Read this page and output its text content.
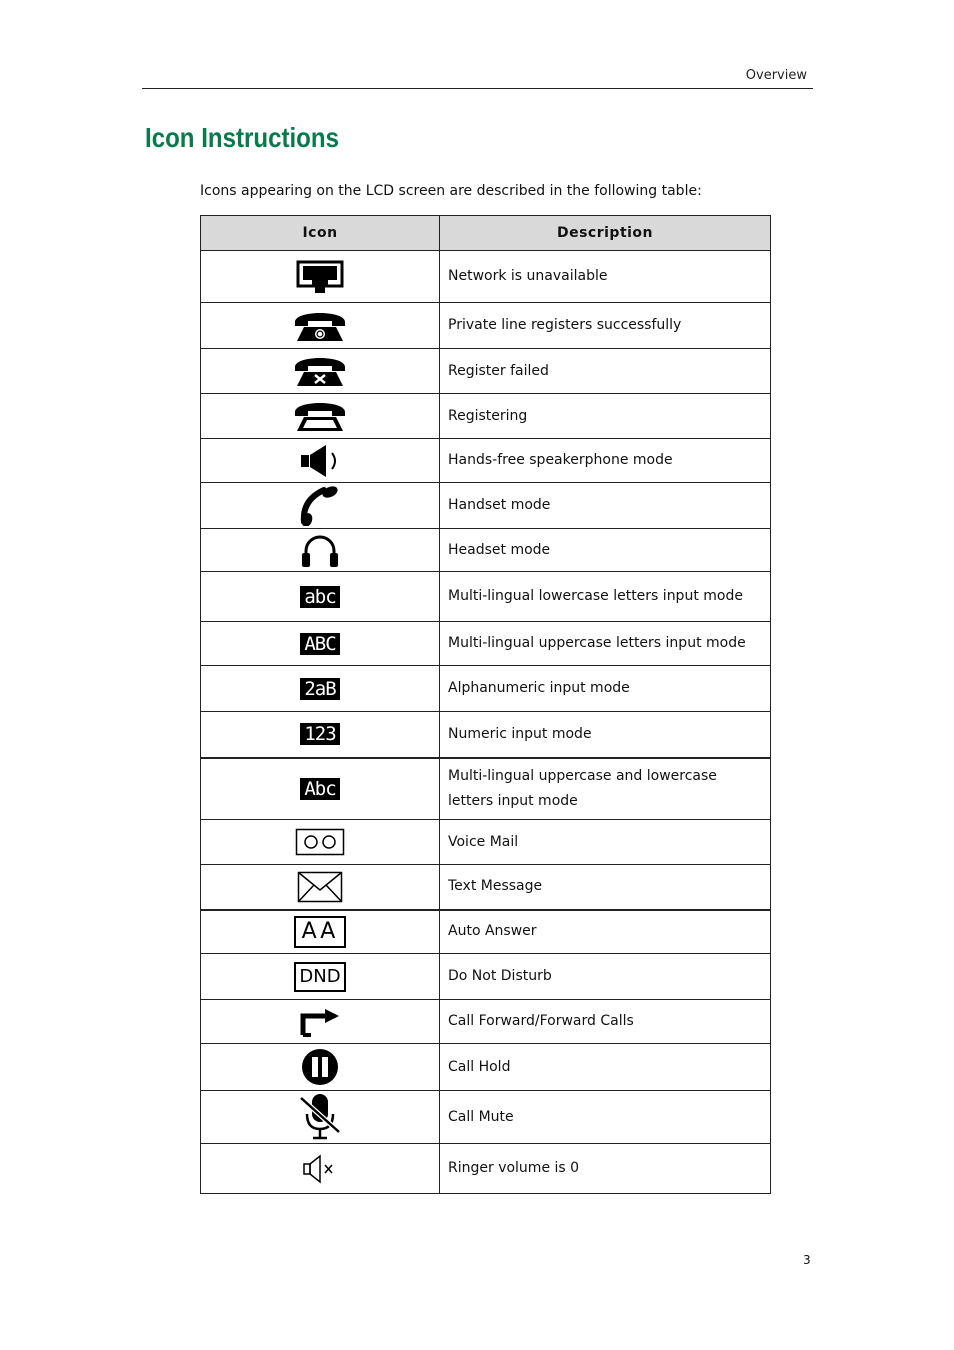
Overview
Icon Instructions

Icons appearing on the LCD screen are described in the following table:

Icon	Description
	Network is unavailable
	Private line registers successfully
	Register failed
	Registering
	Hands-free speakerphone mode
	Handset mode
	Headset mode
abc	Multi-lingual lowercase letters input mode
ABC	Multi-lingual uppercase letters input mode
2aB	Alphanumeric input mode
123	Numeric input mode
Abc	Multi-lingual uppercase and lowercase letters input mode
	Voice Mail
	Text Message
AA	Auto Answer
DND	Do Not Disturb
	Call Forward/Forward Calls
	Call Hold
	Call Mute
	Ringer volume is 0
3
